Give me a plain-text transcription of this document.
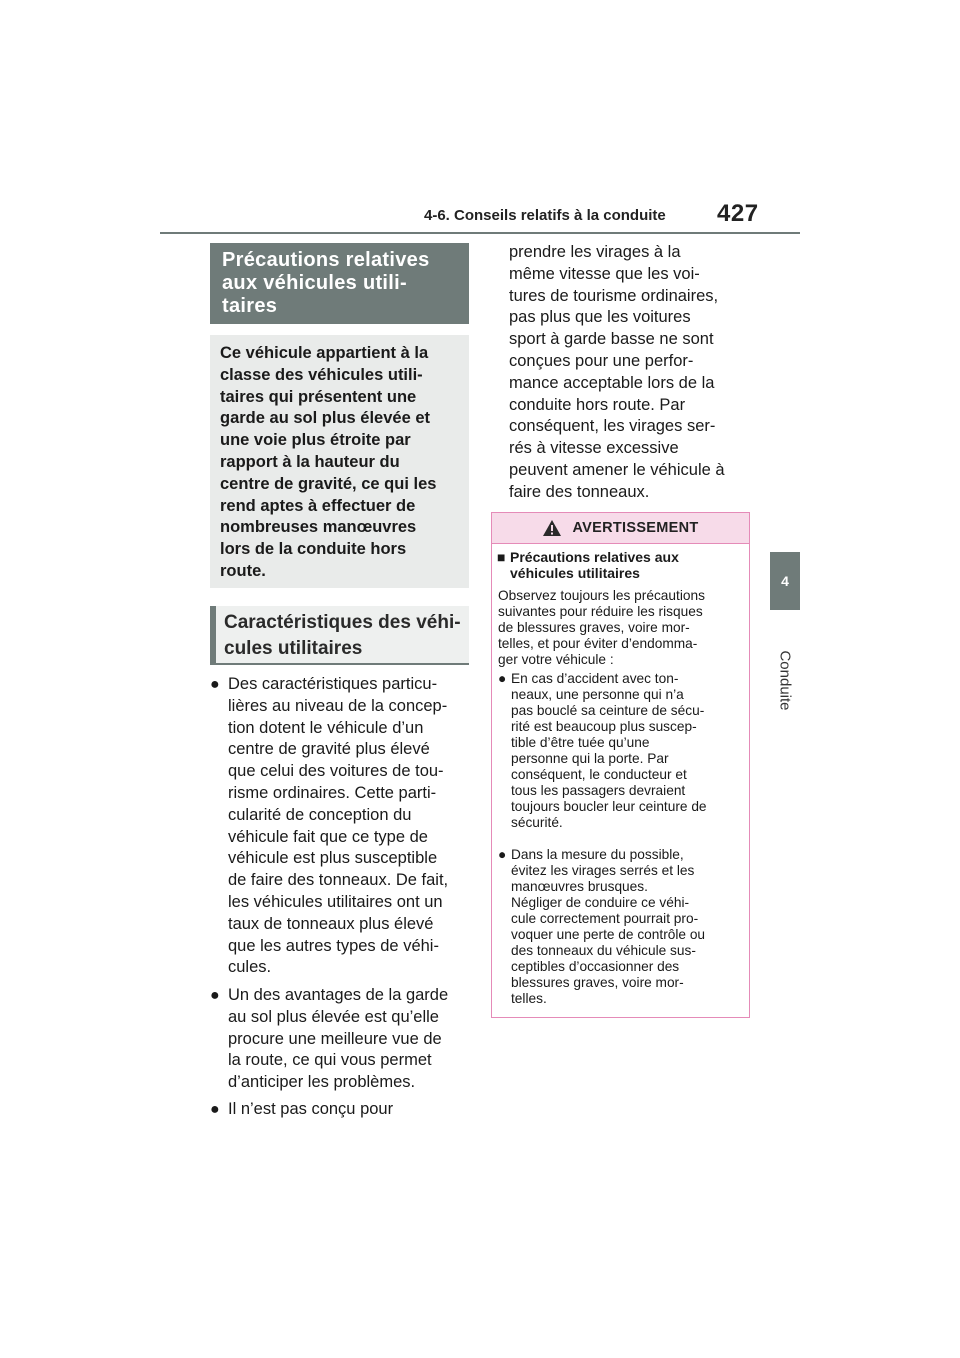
4-6. Conseils relatifs à la conduite 427
4
Conduite
Précautions relatives
aux véhicules utili-
taires
Ce véhicule appartient à la
classe des véhicules utili-
taires qui présentent une
garde au sol plus élevée et
une voie plus étroite par
rapport à la hauteur du
centre de gravité, ce qui les
rend aptes à effectuer de
nombreuses manœuvres
lors de la conduite hors
route.
Caractéristiques des véhi-
cules utilitaires
● Des caractéristiques particu-
lières au niveau de la concep-
tion dotent le véhicule d’un
centre de gravité plus élevé
que celui des voitures de tou-
risme ordinaires. Cette parti-
cularité de conception du
véhicule fait que ce type de
véhicule est plus susceptible
de faire des tonneaux. De fait,
les véhicules utilitaires ont un
taux de tonneaux plus élevé
que les autres types de véhi-
cules.
● Un des avantages de la garde
au sol plus élevée est qu’elle
procure une meilleure vue de
la route, ce qui vous permet
d’anticiper les problèmes.
● Il n’est pas conçu pour
prendre les virages à la
même vitesse que les voi-
tures de tourisme ordinaires,
pas plus que les voitures
sport à garde basse ne sont
conçues pour une perfor-
mance acceptable lors de la
conduite hors route. Par
conséquent, les virages ser-
rés à vitesse excessive
peuvent amener le véhicule à
faire des tonneaux.
AVERTISSEMENT
■ Précautions relatives aux
véhicules utilitaires
Observez toujours les précautions
suivantes pour réduire les risques
de blessures graves, voire mor-
telles, et pour éviter d’endomma-
ger votre véhicule :
● En cas d’accident avec ton-
neaux, une personne qui n’a
pas bouclé sa ceinture de sécu-
rité est beaucoup plus suscep-
tible d’être tuée qu’une
personne qui la porte. Par
conséquent, le conducteur et
tous les passagers devraient
toujours boucler leur ceinture de
sécurité.
● Dans la mesure du possible,
évitez les virages serrés et les
manœuvres brusques.
Négliger de conduire ce véhi-
cule correctement pourrait pro-
voquer une perte de contrôle ou
des tonneaux du véhicule sus-
ceptibles d’occasionner des
blessures graves, voire mor-
telles.
